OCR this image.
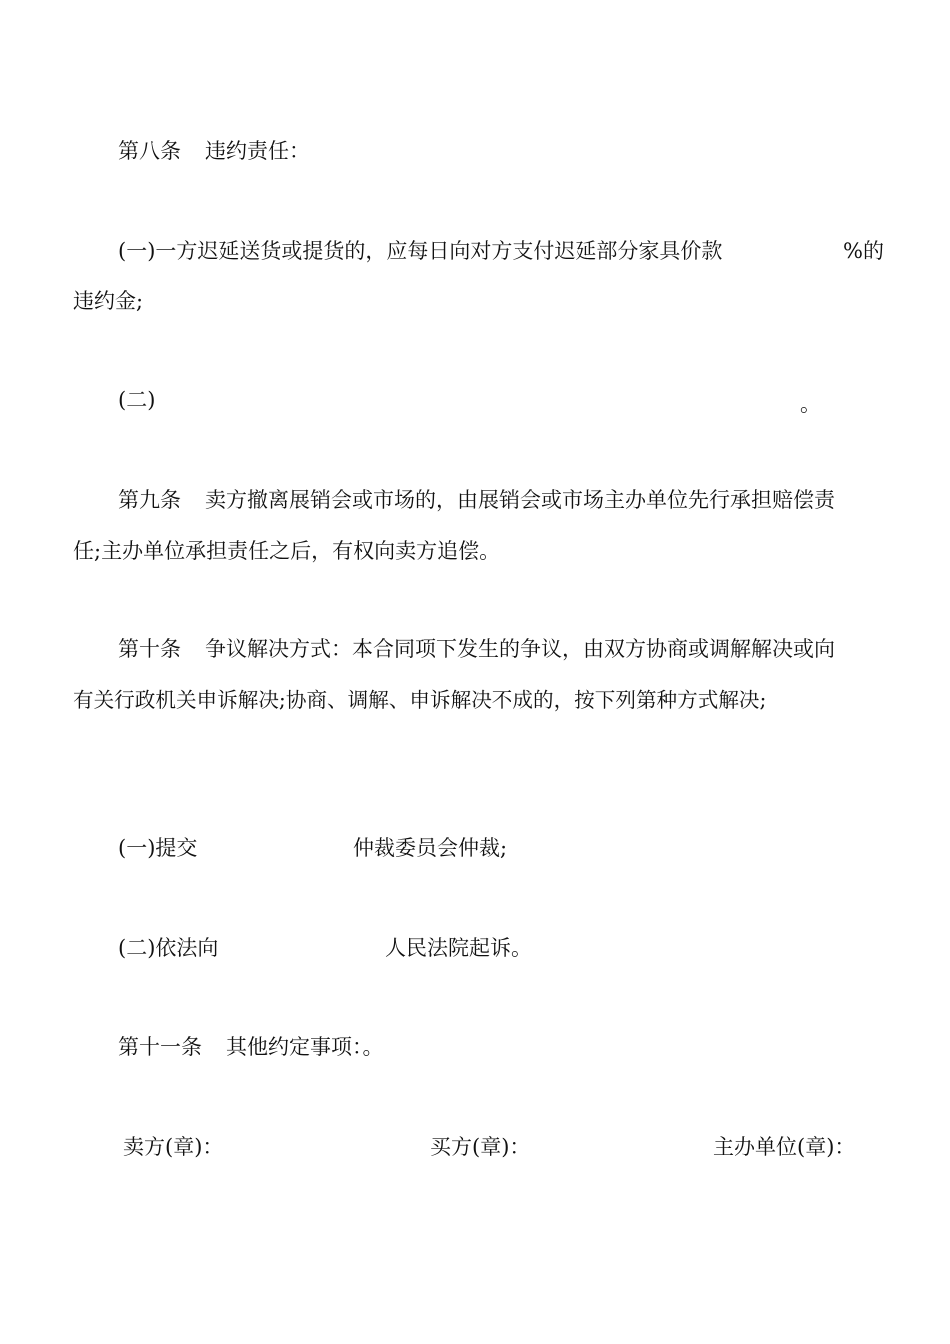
第八条 违约责任：
(一)一方迟延送货或提货的，应每日向对方支付迟延部分家具价款	%的
违约金;
(二)	。
第九条 卖方撤离展销会或市场的，由展销会或市场主办单位先行承担赔偿责
任;主办单位承担责任之后，有权向卖方追偿。
第十条 争议解决方式：本合同项下发生的争议，由双方协商或调解解决或向
有关行政机关申诉解决;协商、调解、申诉解决不成的，按下列第种方式解决;
(一)提交	仲裁委员会仲裁;
(二)依法向	人民法院起诉。
第十一条 其他约定事项：。
卖方(章)：	买方(章)：	主办单位(章)：
